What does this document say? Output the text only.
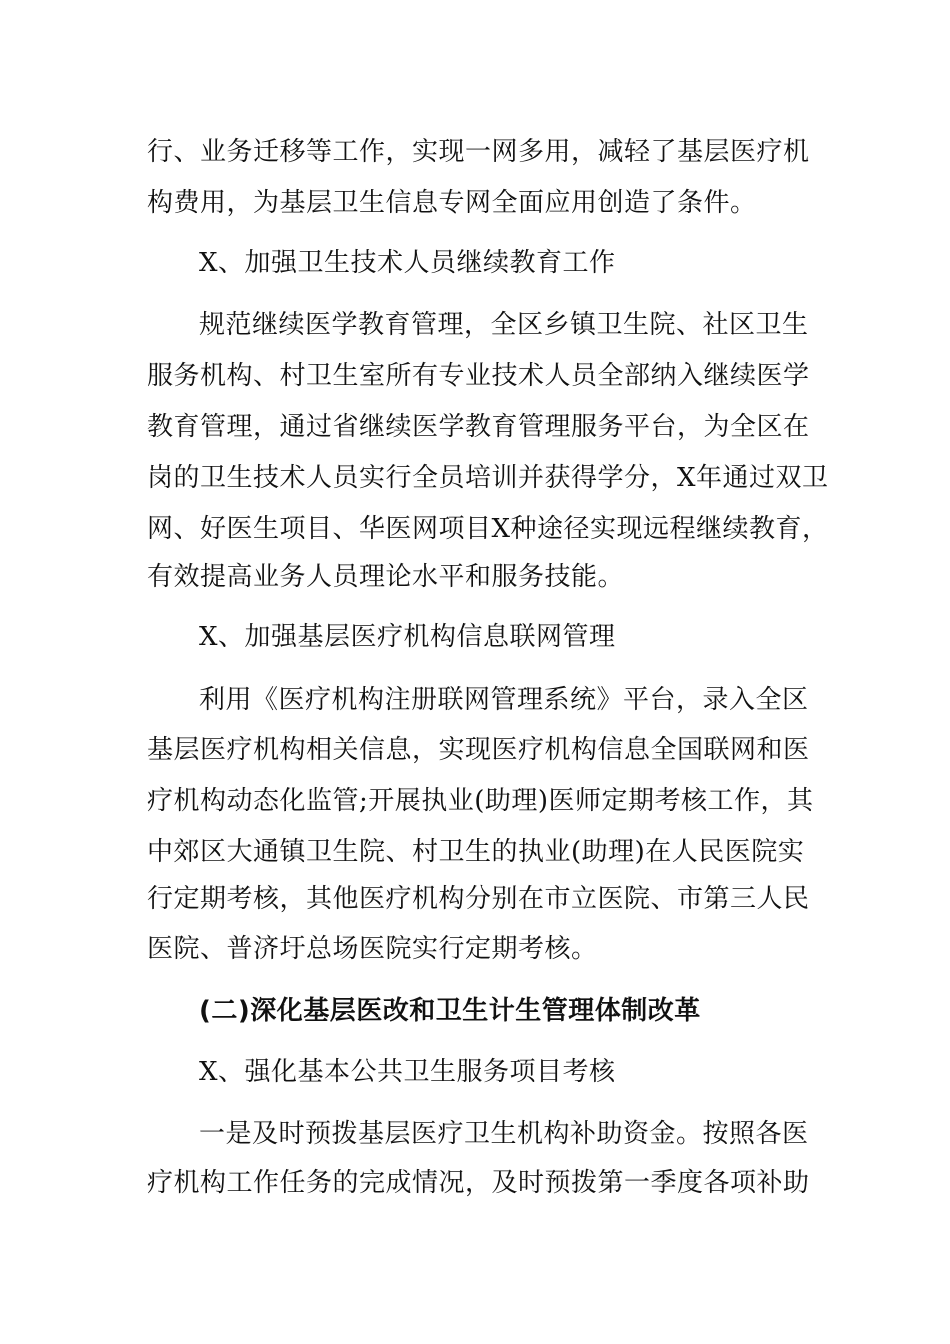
行、业务迁移等工作，实现一网多用，减轻了基层医疗机
构费用，为基层卫生信息专网全面应用创造了条件。
X、加强卫生技术人员继续教育工作
规范继续医学教育管理，全区乡镇卫生院、社区卫生
服务机构、村卫生室所有专业技术人员全部纳入继续医学
教育管理，通过省继续医学教育管理服务平台，为全区在
岗的卫生技术人员实行全员培训并获得学分，X年通过双卫
网、好医生项目、华医网项目X种途径实现远程继续教育，
有效提高业务人员理论水平和服务技能。
X、加强基层医疗机构信息联网管理
利用《医疗机构注册联网管理系统》平台，录入全区
基层医疗机构相关信息，实现医疗机构信息全国联网和医
疗机构动态化监管;开展执业(助理)医师定期考核工作，其
中郊区大通镇卫生院、村卫生的执业(助理)在人民医院实
行定期考核，其他医疗机构分别在市立医院、市第三人民
医院、普济圩总场医院实行定期考核。
(二)深化基层医改和卫生计生管理体制改革
X、强化基本公共卫生服务项目考核
一是及时预拨基层医疗卫生机构补助资金。按照各医
疗机构工作任务的完成情况，及时预拨第一季度各项补助
